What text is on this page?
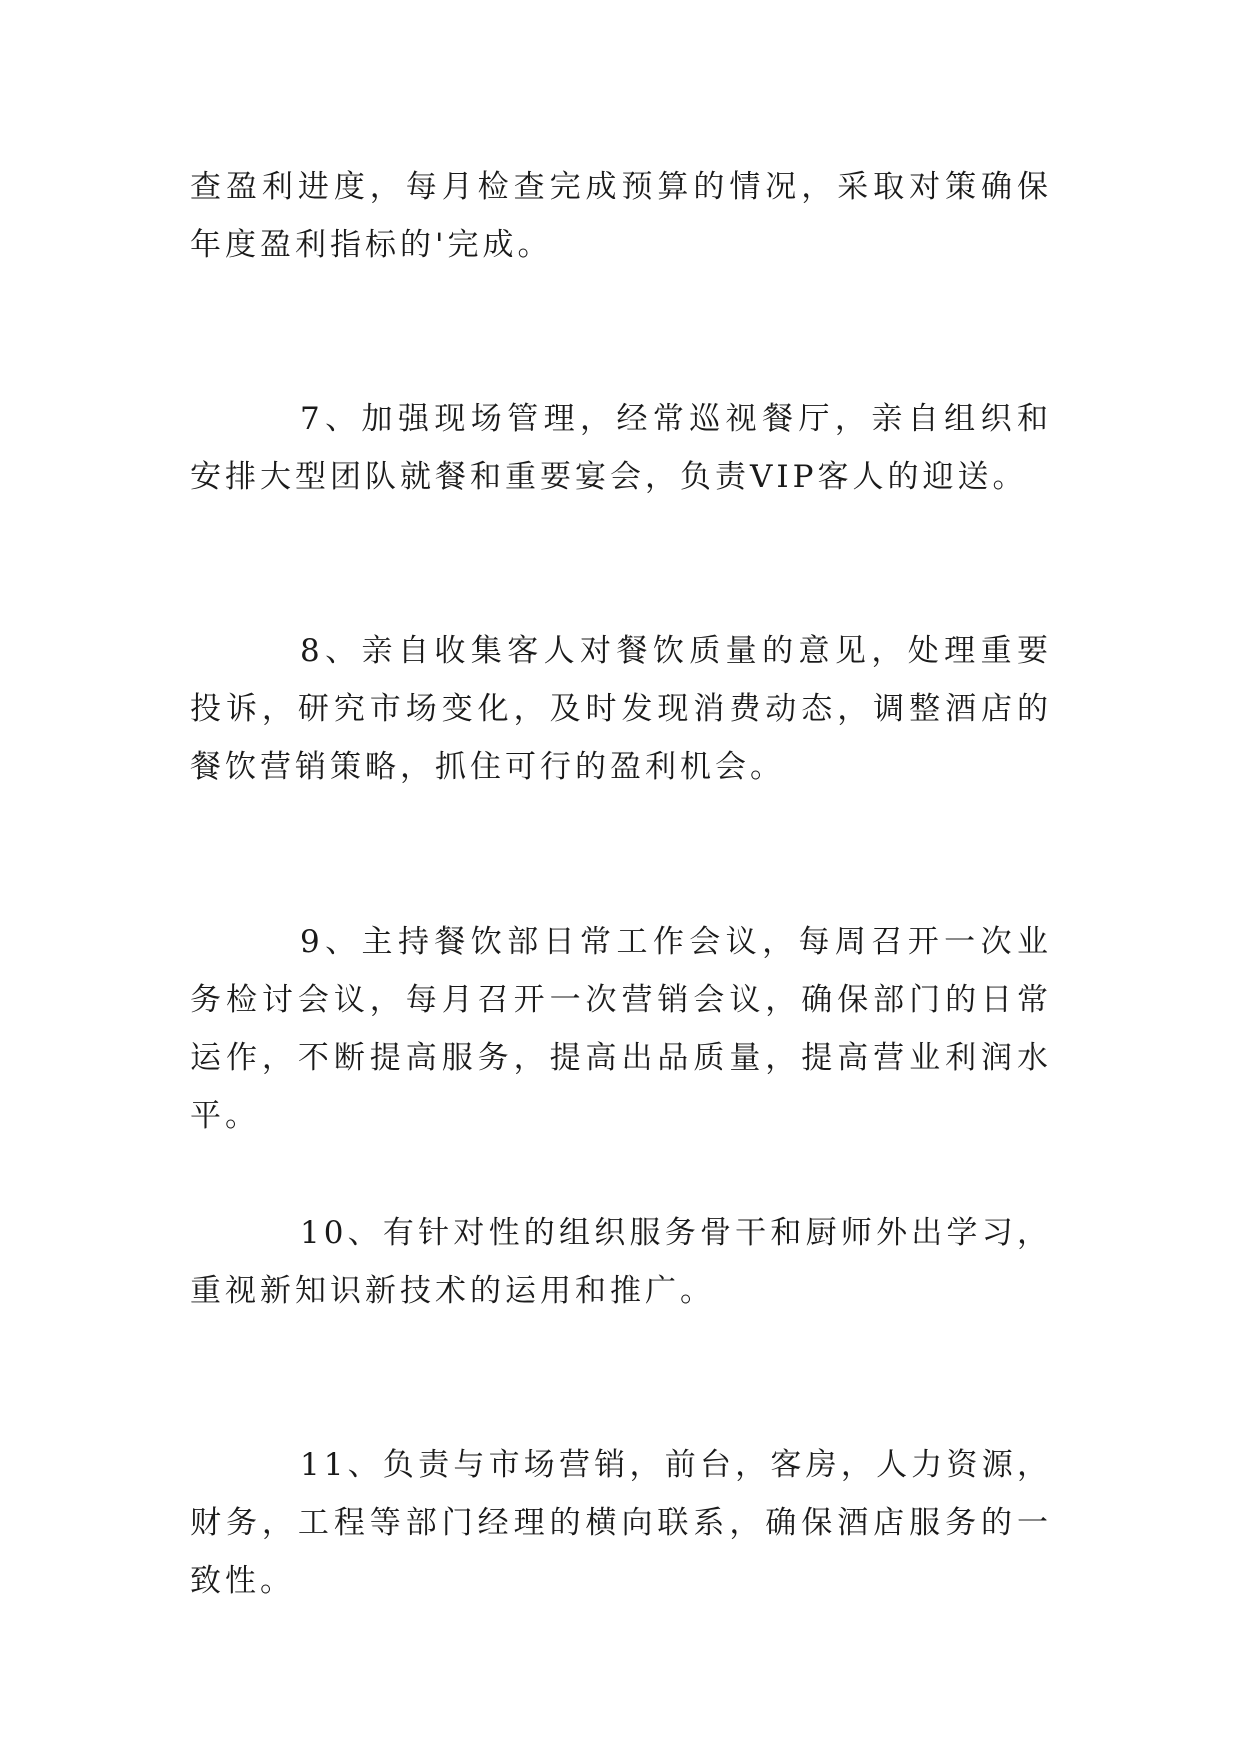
查盈利进度，每月检查完成预算的情况，采取对策确保年度盈利指标的'完成。

7、加强现场管理，经常巡视餐厅，亲自组织和安排大型团队就餐和重要宴会，负责VIP客人的迎送。

8、亲自收集客人对餐饮质量的意见，处理重要投诉，研究市场变化，及时发现消费动态，调整酒店的餐饮营销策略，抓住可行的盈利机会。

9、主持餐饮部日常工作会议，每周召开一次业务检讨会议，每月召开一次营销会议，确保部门的日常运作，不断提高服务，提高出品质量，提高营业利润水平。

10、有针对性的组织服务骨干和厨师外出学习，重视新知识新技术的运用和推广。

11、负责与市场营销，前台，客房，人力资源，财务，工程等部门经理的横向联系，确保酒店服务的一致性。
